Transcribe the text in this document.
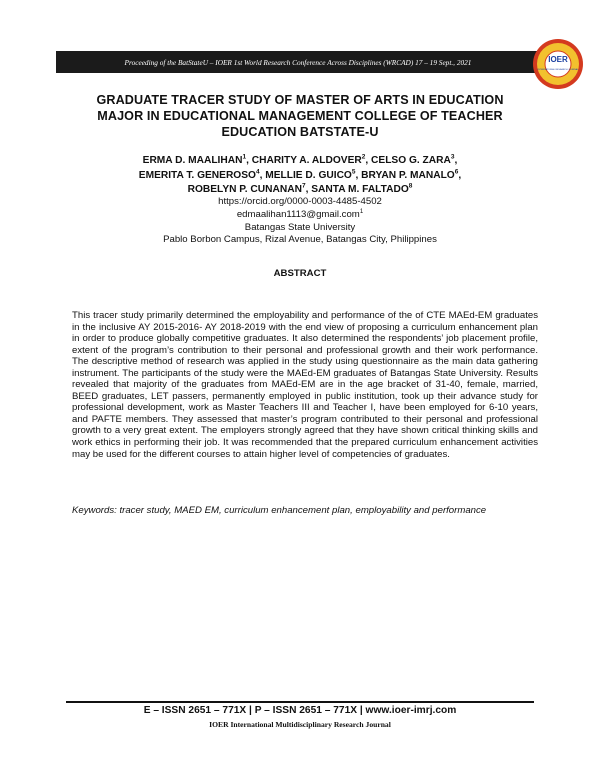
Proceeding of the BatStateU – IOER 1st World Research Conference Across Disciplines (WRCAD) 17 – 19 Sept., 2021	IOER
INTERNATIONAL RESEARCH JOURNAL
GRADUATE TRACER STUDY OF MASTER OF ARTS IN EDUCATION
MAJOR IN EDUCATIONAL MANAGEMENT COLLEGE OF TEACHER
EDUCATION BATSTATE-U
ERMA D. MAALIHAN$^1$, CHARITY A. ALDOVER$^2$, CELSO G. ZARA$^3$,
EMERITA T. GENEROSO$^4$, MELLIE D. GUICO$^5$, BRYAN P. MANALO$^6$,
ROBELYN P. CUNANAN$^7$, SANTA M. FALTADO$^8$
https://orcid.org/0000-0003-4485-4502
edmaalihan1113@gmail.com$^1$
Batangas State University
Pablo Borbon Campus, Rizal Avenue, Batangas City, Philippines
ABSTRACT
This tracer study primarily determined the employability and performance of the of CTE MAEd-EM graduates in the inclusive AY 2015-2016- AY 2018-2019 with the end view of proposing a curriculum enhancement plan in order to produce globally competitive graduates. It also determined the respondents’ job placement profile, extent of the program’s contribution to their personal and professional growth and their work performance. The descriptive method of research was applied in the study using questionnaire as the main data gathering instrument. The participants of the study were the MAEd-EM graduates of Batangas State University. Results revealed that majority of the graduates from MAEd-EM are in the age bracket of 31-40, female, married, BEED graduates, LET passers, permanently employed in public institution, took up their advance study for professional development, work as Master Teachers III and Teacher I, have been employed for 6-10 years, and PAFTE members. They assessed that master’s program contributed to their personal and professional growth to a very great extent. The employers strongly agreed that they have shown critical thinking skills and work ethics in performing their job. It was recommended that the prepared curriculum enhancement activities may be used for the different courses to attain higher level of competencies of graduates.
Keywords: tracer study, MAED EM, curriculum enhancement plan, employability and performance
E – ISSN 2651 – 771X | P – ISSN 2651 – 771X | www.ioer-imrj.com
IOER International Multidisciplinary Research Journal
